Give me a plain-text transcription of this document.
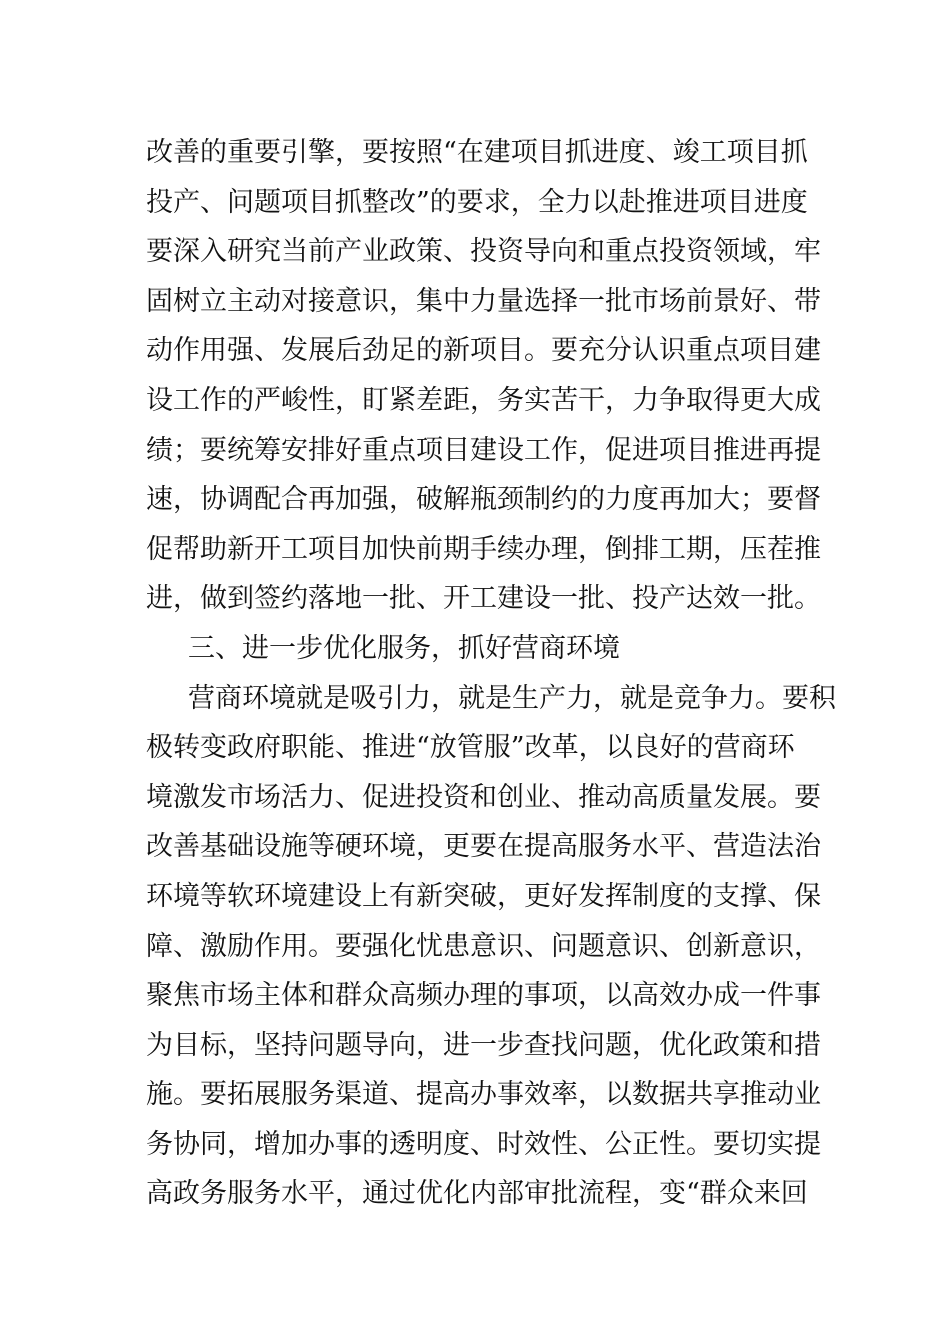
改善的重要引擎，要按照“在建项目抓进度、竣工项目抓
投产、问题项目抓整改”的要求，全力以赴推进项目进度
要深入研究当前产业政策、投资导向和重点投资领域，牢
固树立主动对接意识，集中力量选择一批市场前景好、带
动作用强、发展后劲足的新项目。要充分认识重点项目建
设工作的严峻性，盯紧差距，务实苦干，力争取得更大成
绩；要统筹安排好重点项目建设工作，促进项目推进再提
速，协调配合再加强，破解瓶颈制约的力度再加大；要督
促帮助新开工项目加快前期手续办理，倒排工期，压茬推
进，做到签约落地一批、开工建设一批、投产达效一批。
三、进一步优化服务，抓好营商环境
营商环境就是吸引力，就是生产力，就是竞争力。要积
极转变政府职能、推进“放管服”改革，以良好的营商环
境激发市场活力、促进投资和创业、推动高质量发展。要
改善基础设施等硬环境，更要在提高服务水平、营造法治
环境等软环境建设上有新突破，更好发挥制度的支撑、保
障、激励作用。要强化忧患意识、问题意识、创新意识，
聚焦市场主体和群众高频办理的事项，以高效办成一件事
为目标，坚持问题导向，进一步查找问题，优化政策和措
施。要拓展服务渠道、提高办事效率，以数据共享推动业
务协同，增加办事的透明度、时效性、公正性。要切实提
高政务服务水平，通过优化内部审批流程，变“群众来回
